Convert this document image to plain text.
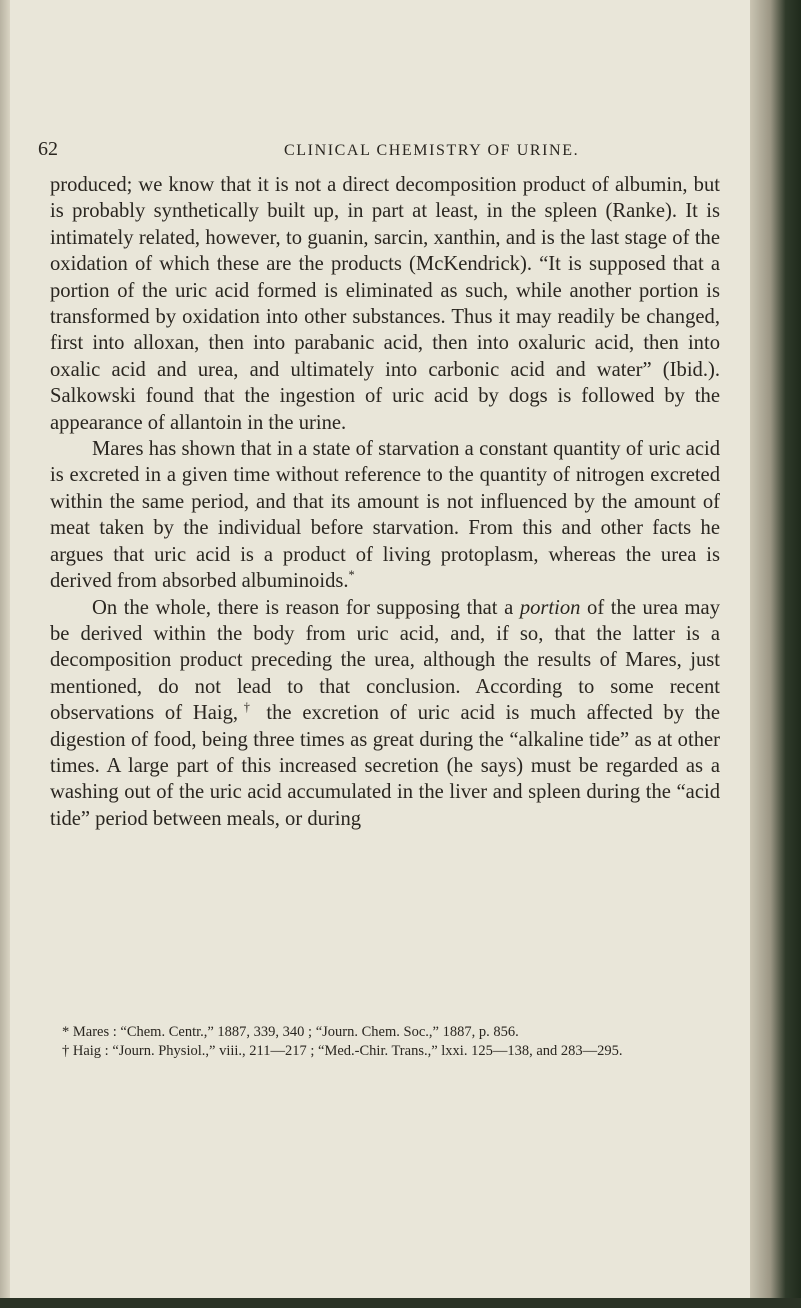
62	CLINICAL CHEMISTRY OF URINE.

produced; we know that it is not a direct decomposition product of albumin, but is probably synthetically built up, in part at least, in the spleen (Ranke). It is intimately related, however, to guanin, sarcin, xanthin, and is the last stage of the oxidation of which these are the products (McKendrick). “It is supposed that a portion of the uric acid formed is eliminated as such, while another portion is transformed by oxidation into other substances. Thus it may readily be changed, first into alloxan, then into parabanic acid, then into oxaluric acid, then into oxalic acid and urea, and ultimately into carbonic acid and water” (Ibid.). Salkowski found that the ingestion of uric acid by dogs is followed by the appearance of allantoin in the urine.

Mares has shown that in a state of starvation a constant quantity of uric acid is excreted in a given time without reference to the quantity of nitrogen excreted within the same period, and that its amount is not influenced by the amount of meat taken by the individual before starvation. From this and other facts he argues that uric acid is a product of living protoplasm, whereas the urea is derived from absorbed albuminoids.*

On the whole, there is reason for supposing that a portion of the urea may be derived within the body from uric acid, and, if so, that the latter is a decomposition product preceding the urea, although the results of Mares, just mentioned, do not lead to that conclusion. According to some recent observations of Haig,† the excretion of uric acid is much affected by the digestion of food, being three times as great during the “alkaline tide” as at other times. A large part of this increased secretion (he says) must be regarded as a washing out of the uric acid accumulated in the liver and spleen during the “acid tide” period between meals, or during

* Mares : “Chem. Centr.,” 1887, 339, 340 ; “Journ. Chem. Soc.,” 1887, p. 856.

† Haig : “Journ. Physiol.,” viii., 211—217 ; “Med.-Chir. Trans.,” lxxi. 125—138, and 283—295.
